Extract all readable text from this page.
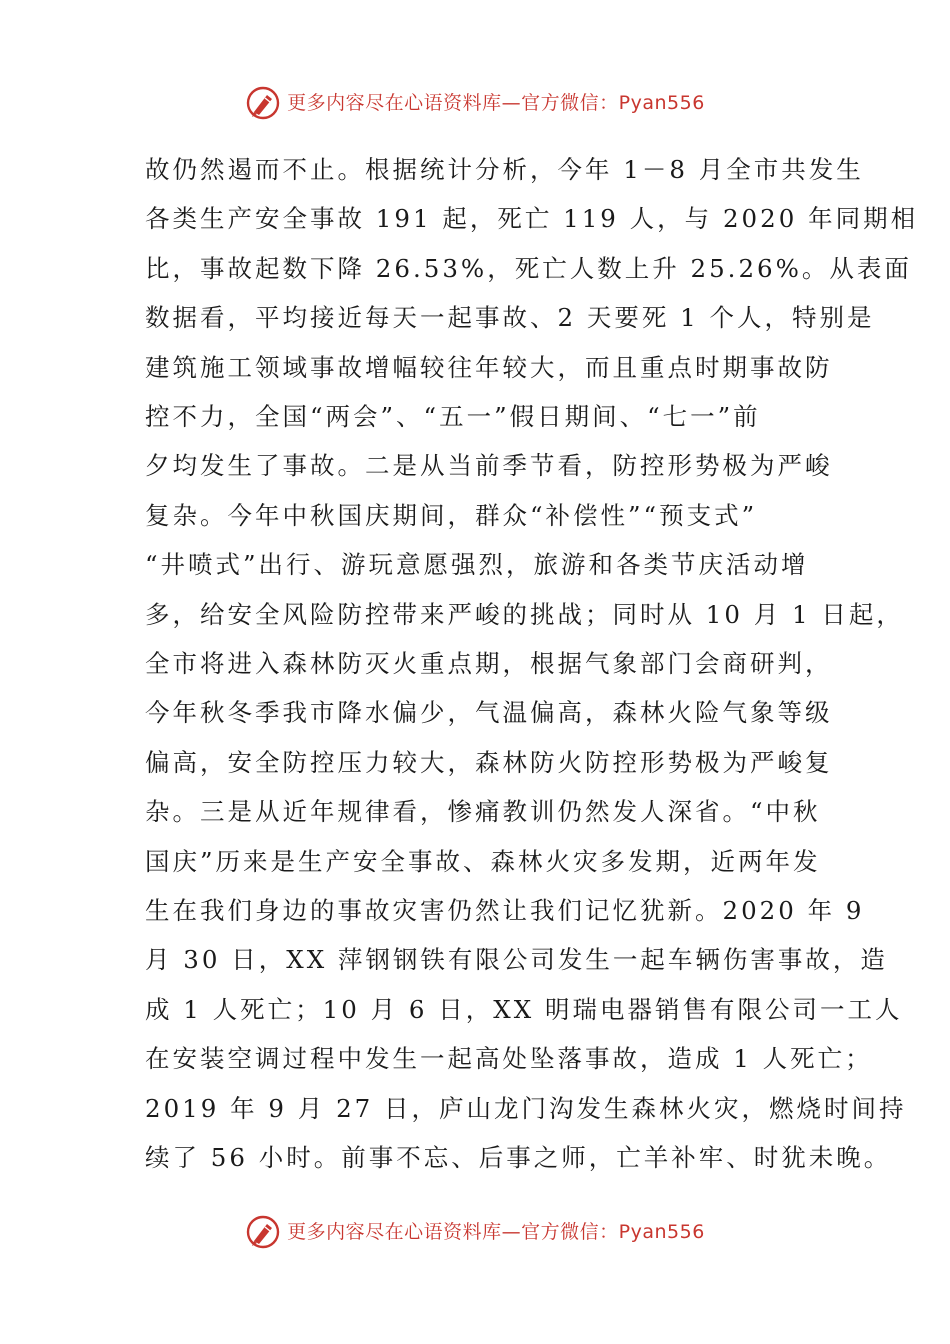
更多内容尽在心语资料库—官方微信：Pyan556
故仍然遏而不止。根据统计分析，今年 1－8 月全市共发生
各类生产安全事故 191 起，死亡 119 人，与 2020 年同期相
比，事故起数下降 26.53%，死亡人数上升 25.26%。从表面
数据看，平均接近每天一起事故、2 天要死 1 个人，特别是
建筑施工领域事故增幅较往年较大，而且重点时期事故防
控不力，全国“两会”、“五一”假日期间、“七一”前
夕均发生了事故。二是从当前季节看，防控形势极为严峻
复杂。今年中秋国庆期间，群众“补偿性”“预支式”
“井喷式”出行、游玩意愿强烈，旅游和各类节庆活动增
多，给安全风险防控带来严峻的挑战；同时从 10 月 1 日起，
全市将进入森林防灭火重点期，根据气象部门会商研判，
今年秋冬季我市降水偏少，气温偏高，森林火险气象等级
偏高，安全防控压力较大，森林防火防控形势极为严峻复
杂。三是从近年规律看，惨痛教训仍然发人深省。“中秋
国庆”历来是生产安全事故、森林火灾多发期，近两年发
生在我们身边的事故灾害仍然让我们记忆犹新。2020 年 9
月 30 日，XX 萍钢钢铁有限公司发生一起车辆伤害事故，造
成 1 人死亡；10 月 6 日，XX 明瑞电器销售有限公司一工人
在安装空调过程中发生一起高处坠落事故，造成 1 人死亡；
2019 年 9 月 27 日，庐山龙门沟发生森林火灾，燃烧时间持
续了 56 小时。前事不忘、后事之师，亡羊补牢、时犹未晚。
更多内容尽在心语资料库—官方微信：Pyan556
